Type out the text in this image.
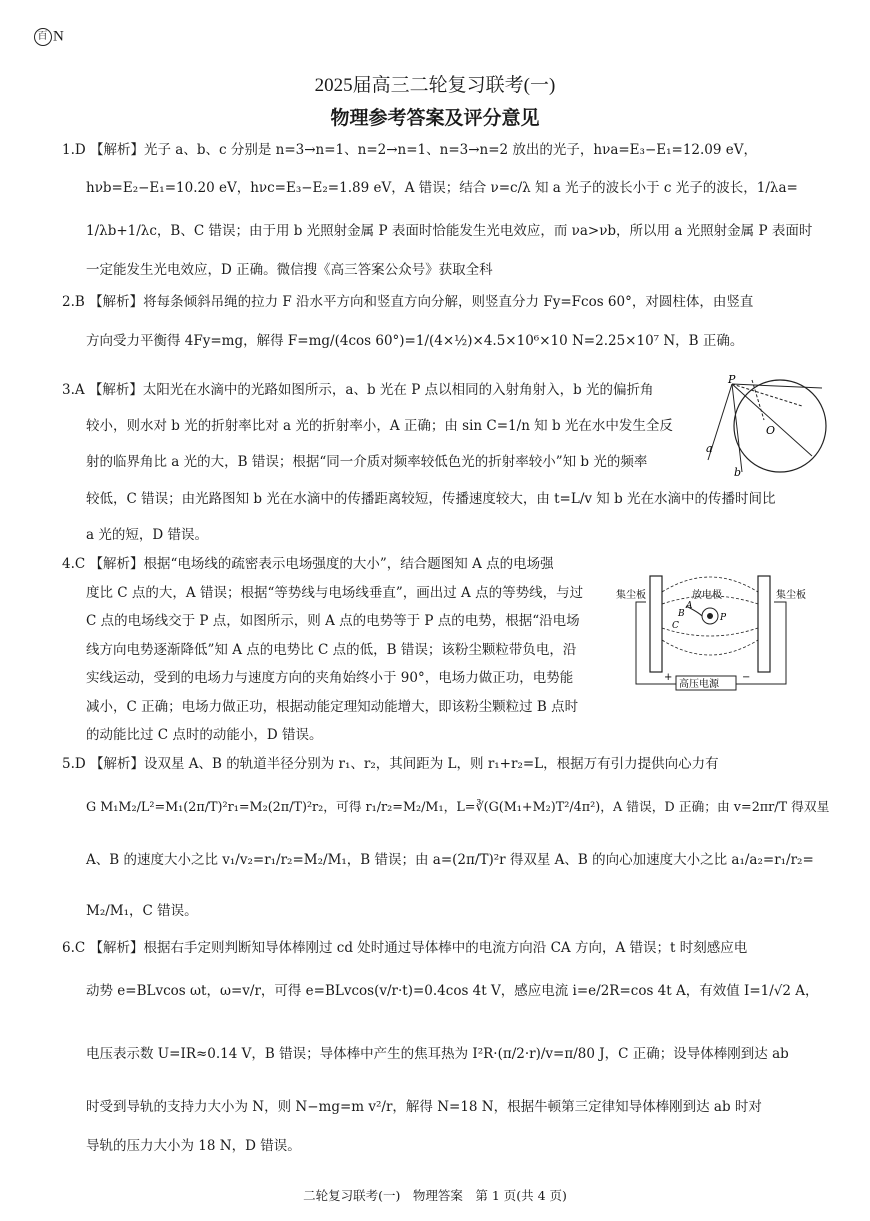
百 N
2025届高三二轮复习联考(一)
物理参考答案及评分意见
1.D 【解析】光子 a、b、c 分别是 n=3→n=1、n=2→n=1、n=3→n=2 放出的光子，hνa=E₃−E₁=12.09 eV，
hνb=E₂−E₁=10.20 eV，hνc=E₃−E₂=1.89 eV，A 错误；结合 ν=c/λ 知 a 光子的波长小于 c 光子的波长，1/λa=
1/λb+1/λc，B、C 错误；由于用 b 光照射金属 P 表面时恰能发生光电效应，而 νa>νb，所以用 a 光照射金属 P 表面时
一定能发生光电效应，D 正确。微信搜《高三答案公众号》获取全科
2.B 【解析】将每条倾斜吊绳的拉力 F 沿水平方向和竖直方向分解，则竖直分力 Fy=Fcos 60°，对圆柱体，由竖直
方向受力平衡得 4Fy=mg，解得 F=mg/(4cos 60°)=1/(4×½)×4.5×10⁶×10 N=2.25×10⁷ N，B 正确。
3.A 【解析】太阳光在水滴中的光路如图所示，a、b 光在 P 点以相同的入射角射入，b 光的偏折角
较小，则水对 b 光的折射率比对 a 光的折射率小，A 正确；由 sin C=1/n 知 b 光在水中发生全反
射的临界角比 a 光的大，B 错误；根据“同一介质对频率较低色光的折射率较小”知 b 光的频率
较低，C 错误；由光路图知 b 光在水滴中的传播距离较短，传播速度较大，由 t=L/v 知 b 光在水滴中的传播时间比
a 光的短，D 错误。
P
O
a
b
4.C 【解析】根据“电场线的疏密表示电场强度的大小”，结合题图知 A 点的电场强
度比 C 点的大，A 错误；根据“等势线与电场线垂直”，画出过 A 点的等势线，与过
C 点的电场线交于 P 点，如图所示，则 A 点的电势等于 P 点的电势，根据“沿电场
线方向电势逐渐降低”知 A 点的电势比 C 点的低，B 错误；该粉尘颗粒带负电，沿
实线运动，受到的电场力与速度方向的夹角始终小于 90°，电场力做正功，电势能
减小，C 正确；电场力做正功，根据动能定理知动能增大，即该粉尘颗粒过 B 点时
的动能比过 C 点时的动能小，D 错误。
高压电源
集尘板	集尘板
放电极
A
B
C
P
+	−
5.D 【解析】设双星 A、B 的轨道半径分别为 r₁、r₂，其间距为 L，则 r₁+r₂=L，根据万有引力提供向心力有
G M₁M₂/L²=M₁(2π/T)²r₁=M₂(2π/T)²r₂，可得 r₁/r₂=M₂/M₁，L=∛(G(M₁+M₂)T²/4π²)，A 错误，D 正确；由 v=2πr/T 得双星
A、B 的速度大小之比 v₁/v₂=r₁/r₂=M₂/M₁，B 错误；由 a=(2π/T)²r 得双星 A、B 的向心加速度大小之比 a₁/a₂=r₁/r₂=
M₂/M₁，C 错误。
6.C 【解析】根据右手定则判断知导体棒刚过 cd 处时通过导体棒中的电流方向沿 CA 方向，A 错误；t 时刻感应电
动势 e=BLvcos ωt，ω=v/r，可得 e=BLvcos(v/r·t)=0.4cos 4t V，感应电流 i=e/2R=cos 4t A，有效值 I=1/√2 A，
电压表示数 U=IR≈0.14 V，B 错误；导体棒中产生的焦耳热为 I²R·(π/2·r)/v=π/80 J，C 正确；设导体棒刚到达 ab
时受到导轨的支持力大小为 N，则 N−mg=m v²/r，解得 N=18 N，根据牛顿第三定律知导体棒刚到达 ab 时对
导轨的压力大小为 18 N，D 错误。
二轮复习联考(一)　物理答案　第 1 页(共 4 页)
